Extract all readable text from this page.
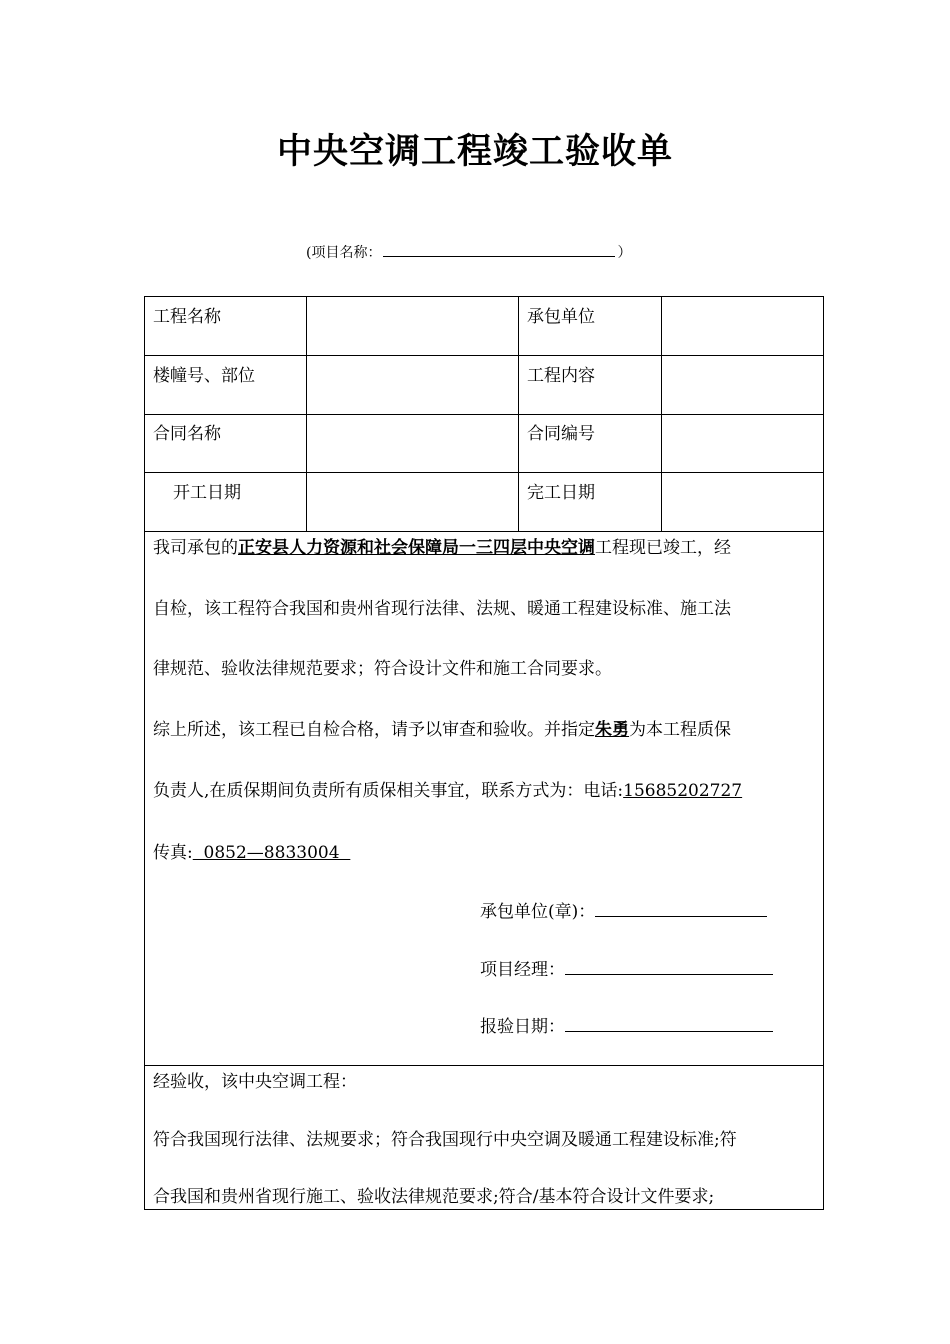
中央空调工程竣工验收单
(项目名称：	）
工程名称	承包单位
楼幢号、部位	工程内容
合同名称	合同编号
开工日期	完工日期
我司承包的正安县人力资源和社会保障局一三四层中央空调工程现已竣工，经
自检，该工程符合我国和贵州省现行法律、法规、暖通工程建设标准、施工法
律规范、验收法律规范要求；符合设计文件和施工合同要求。
综上所述，该工程已自检合格，请予以审查和验收。并指定朱勇为本工程质保
负责人,在质保期间负责所有质保相关事宜，联系方式为：电话:15685202727
传真:  0852—8833004
承包单位(章)：
项目经理：
报验日期：
经验收，该中央空调工程：
符合我国现行法律、法规要求；符合我国现行中央空调及暖通工程建设标准;符
合我国和贵州省现行施工、验收法律规范要求;符合/基本符合设计文件要求;
